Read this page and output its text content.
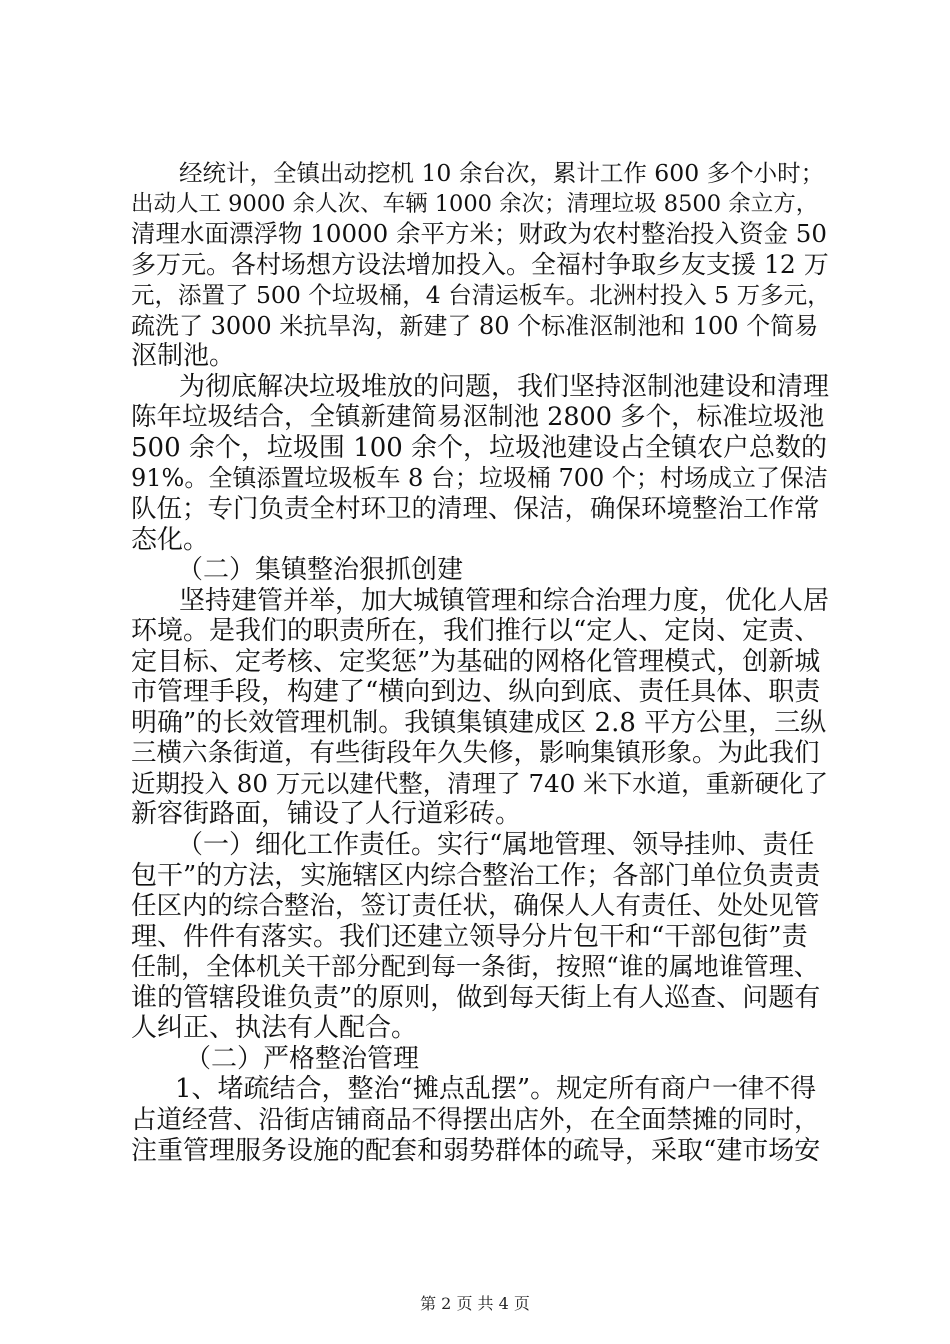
经统计，全镇出动挖机 10 余台次，累计工作 600 多个小时；
出动人工 9000 余人次、车辆 1000 余次；清理垃圾 8500 余立方，
清理水面漂浮物 10000 余平方米；财政为农村整治投入资金 50
多万元。各村场想方设法增加投入。全福村争取乡友支援 12 万
元，添置了 500 个垃圾桶，4 台清运板车。北洲村投入 5 万多元，
疏洗了 3000 米抗旱沟，新建了 80 个标准沤制池和 100 个简易
沤制池。
为彻底解决垃圾堆放的问题，我们坚持沤制池建设和清理
陈年垃圾结合，全镇新建简易沤制池 2800 多个，标准垃圾池
500 余个，垃圾围 100 余个，垃圾池建设占全镇农户总数的
91%。全镇添置垃圾板车 8 台；垃圾桶 700 个；村场成立了保洁
队伍；专门负责全村环卫的清理、保洁，确保环境整治工作常
态化。
（二）集镇整治狠抓创建
坚持建管并举，加大城镇管理和综合治理力度，优化人居
环境。是我们的职责所在，我们推行以“定人、定岗、定责、
定目标、定考核、定奖惩”为基础的网格化管理模式，创新城
市管理手段，构建了“横向到边、纵向到底、责任具体、职责
明确”的长效管理机制。我镇集镇建成区 2.8 平方公里，三纵
三横六条街道，有些街段年久失修，影响集镇形象。为此我们
近期投入 80 万元以建代整，清理了 740 米下水道，重新硬化了
新容街路面，铺设了人行道彩砖。
（一）细化工作责任。实行“属地管理、领导挂帅、责任
包干”的方法，实施辖区内综合整治工作；各部门单位负责责
任区内的综合整治，签订责任状，确保人人有责任、处处见管
理、件件有落实。我们还建立领导分片包干和“干部包街”责
任制，全体机关干部分配到每一条街，按照“谁的属地谁管理、
谁的管辖段谁负责”的原则，做到每天街上有人巡查、问题有
人纠正、执法有人配合。
（二）严格整治管理
1、堵疏结合，整治“摊点乱摆”。规定所有商户一律不得
占道经营、沿街店铺商品不得摆出店外，在全面禁摊的同时，
注重管理服务设施的配套和弱势群体的疏导，采取“建市场安
第 2 页 共 4 页
